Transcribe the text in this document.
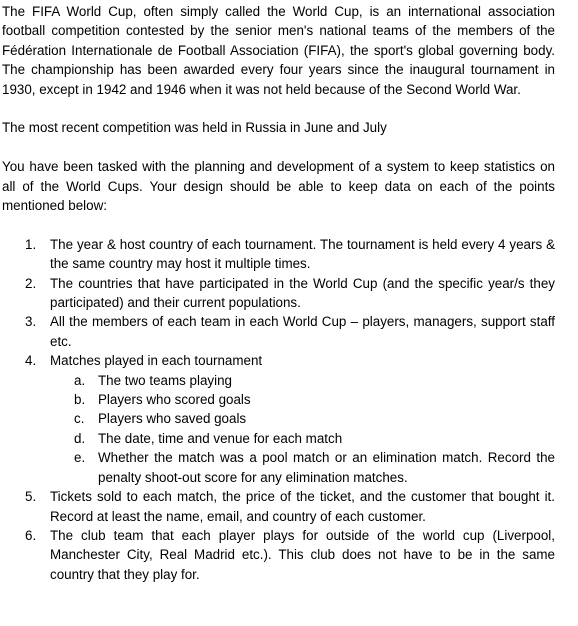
The FIFA World Cup, often simply called the World Cup, is an international association football competition contested by the senior men's national teams of the members of the Fédération Internationale de Football Association (FIFA), the sport's global governing body. The championship has been awarded every four years since the inaugural tournament in 1930, except in 1942 and 1946 when it was not held because of the Second World War.

The most recent competition was held in Russia in June and July

You have been tasked with the planning and development of a system to keep statistics on all of the World Cups. Your design should be able to keep data on each of the points mentioned below:

1. The year & host country of each tournament. The tournament is held every 4 years & the same country may host it multiple times.
2. The countries that have participated in the World Cup (and the specific year/s they participated) and their current populations.
3. All the members of each team in each World Cup – players, managers, support staff etc.
4. Matches played in each tournament
a. The two teams playing
b. Players who scored goals
c. Players who saved goals
d. The date, time and venue for each match
e. Whether the match was a pool match or an elimination match. Record the penalty shoot-out score for any elimination matches.
5. Tickets sold to each match, the price of the ticket, and the customer that bought it. Record at least the name, email, and country of each customer.
6. The club team that each player plays for outside of the world cup (Liverpool, Manchester City, Real Madrid etc.). This club does not have to be in the same country that they play for.
